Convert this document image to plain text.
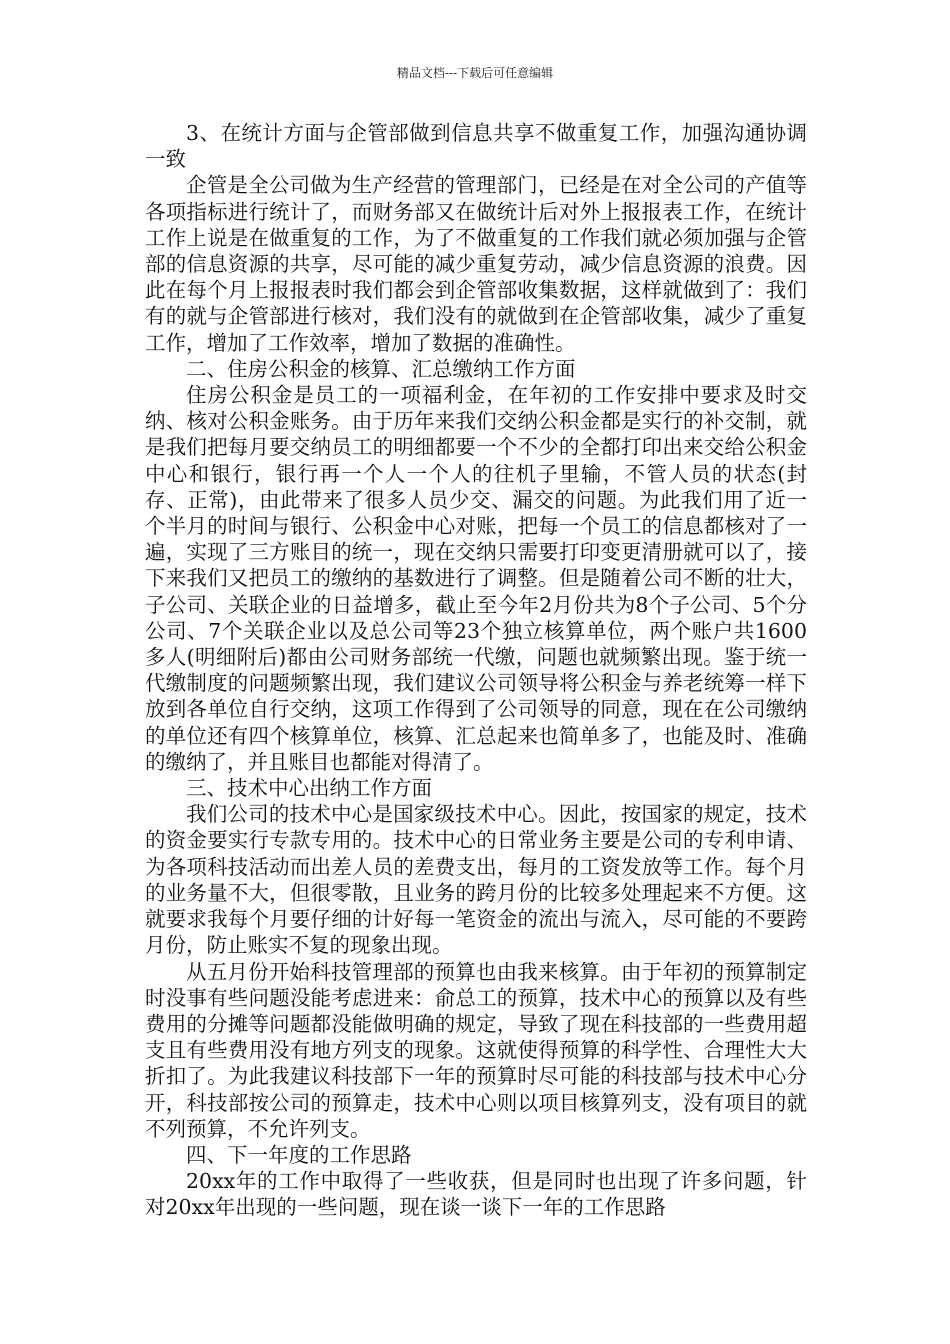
精品文档---下载后可任意编辑

3、在统计方面与企管部做到信息共享不做重复工作，加强沟通协调一致

企管是全公司做为生产经营的管理部门，已经是在对全公司的产值等各项指标进行统计了，而财务部又在做统计后对外上报报表工作，在统计工作上说是在做重复的工作，为了不做重复的工作我们就必须加强与企管部的信息资源的共享，尽可能的减少重复劳动，减少信息资源的浪费。因此在每个月上报报表时我们都会到企管部收集数据，这样就做到了：我们有的就与企管部进行核对，我们没有的就做到在企管部收集，减少了重复工作，增加了工作效率，增加了数据的准确性。

二、住房公积金的核算、汇总缴纳工作方面

住房公积金是员工的一项福利金，在年初的工作安排中要求及时交纳、核对公积金账务。由于历年来我们交纳公积金都是实行的补交制，就是我们把每月要交纳员工的明细都要一个不少的全都打印出来交给公积金中心和银行，银行再一个人一个人的往机子里输，不管人员的状态(封存、正常)，由此带来了很多人员少交、漏交的问题。为此我们用了近一个半月的时间与银行、公积金中心对账，把每一个员工的信息都核对了一遍，实现了三方账目的统一，现在交纳只需要打印变更清册就可以了，接下来我们又把员工的缴纳的基数进行了调整。但是随着公司不断的壮大，子公司、关联企业的日益增多，截止至今年2月份共为8个子公司、5个分公司、7个关联企业以及总公司等23个独立核算单位，两个账户共1600多人(明细附后)都由公司财务部统一代缴，问题也就频繁出现。鉴于统一代缴制度的问题频繁出现，我们建议公司领导将公积金与养老统筹一样下放到各单位自行交纳，这项工作得到了公司领导的同意，现在在公司缴纳的单位还有四个核算单位，核算、汇总起来也简单多了，也能及时、准确的缴纳了，并且账目也都能对得清了。

三、技术中心出纳工作方面

我们公司的技术中心是国家级技术中心。因此，按国家的规定，技术的资金要实行专款专用的。技术中心的日常业务主要是公司的专利申请、为各项科技活动而出差人员的差费支出，每月的工资发放等工作。每个月的业务量不大，但很零散，且业务的跨月份的比较多处理起来不方便。这就要求我每个月要仔细的计好每一笔资金的流出与流入，尽可能的不要跨月份，防止账实不复的现象出现。

从五月份开始科技管理部的预算也由我来核算。由于年初的预算制定时没事有些问题没能考虑进来：俞总工的预算，技术中心的预算以及有些费用的分摊等问题都没能做明确的规定，导致了现在科技部的一些费用超支且有些费用没有地方列支的现象。这就使得预算的科学性、合理性大大折扣了。为此我建议科技部下一年的预算时尽可能的科技部与技术中心分开，科技部按公司的预算走，技术中心则以项目核算列支，没有项目的就不列预算，不允许列支。

四、下一年度的工作思路

20xx年的工作中取得了一些收获，但是同时也出现了许多问题，针对20xx年出现的一些问题，现在谈一谈下一年的工作思路
